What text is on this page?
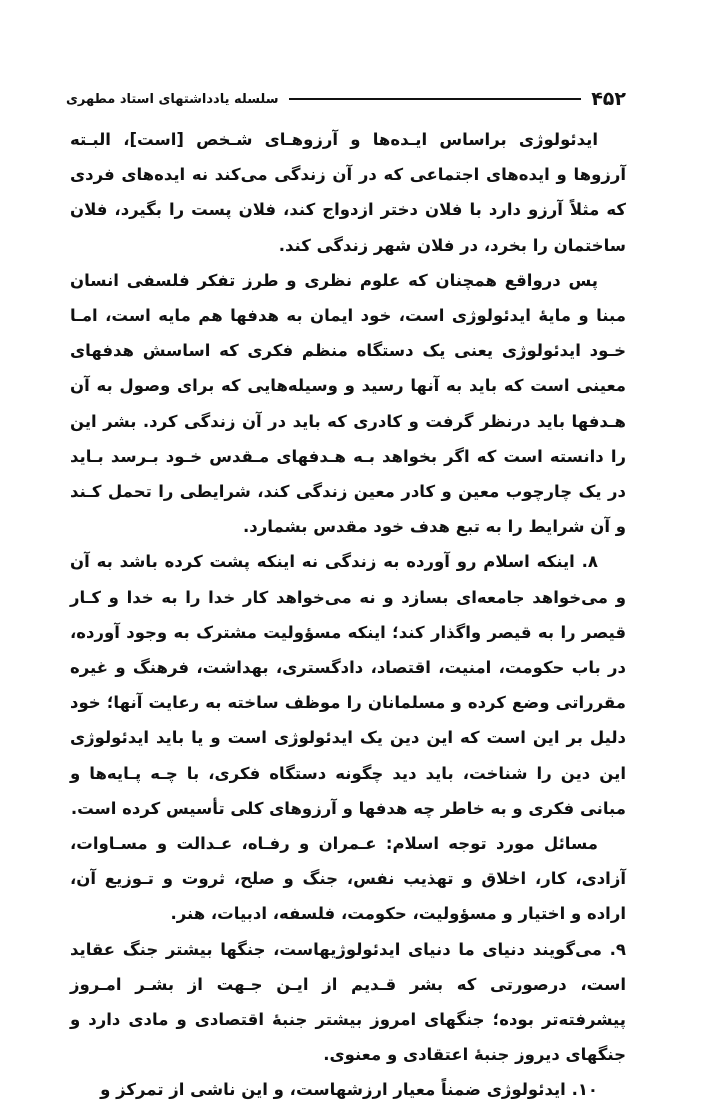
۴۵۲
سلسله یادداشتهای استاد مطهری

ایدئولوژی براساس ایـده‌ها و آرزوهـای شـخص [است]، البـته آرزوها و ایده‌های اجتماعی که در آن زندگی می‌کند نه ایده‌های فردی که مثلاً آرزو دارد با فلان دختر ازدواج کند، فلان پست را بگیرد، فلان ساختمان را بخرد، در فلان شهر زندگی کند.

پس درواقع همچنان که علوم نظری و طرز تفکر فلسفی انسان مبنا و مایۀ ایدئولوژی است، خود ایمان به هدفها هم مایه است، امـا خـود ایدئولوژی یعنی یک دستگاه منظم فکری که اساسش هدفهای معینی است که باید به آنها رسید و وسیله‌هایی که برای وصول به آن هـدفها باید درنظر گرفت و کادری که باید در آن زندگی کرد. بشر این را دانسته است که اگر بخواهد بـه هـدفهای مـقدس خـود بـرسد بـاید در یک چارچوب معین و کادر معین زندگی کند، شرایطی را تحمل کـند و آن شرایط را به تبع هدف خود مقدس بشمارد.

۸. اینکه اسلام رو آورده به زندگی نه اینکه پشت کرده باشد به آن و می‌خواهد جامعه‌ای بسازد و نه می‌خواهد کار خدا را به خدا و کـار قیصر را به قیصر واگذار کند؛ اینکه مسؤولیت مشترک به وجود آورده، در باب حکومت، امنیت، اقتصاد، دادگستری، بهداشت، فرهنگ و غیره مقرراتی وضع کرده و مسلمانان را موظف ساخته به رعایت آنها؛ خود دلیل بر این است که این دین یک ایدئولوژی است و یا باید ایدئولوژی این دین را شناخت، باید دید چگونه دستگاه فکری، با چـه پـایه‌ها و مبانی فکری و به خاطر چه هدفها و آرزوهای کلی تأسیس کرده است.

مسائل مورد توجه اسلام: عـمران و رفـاه، عـدالت و مسـاوات، آزادی، کار، اخلاق و تهذیب نفس، جنگ و صلح، ثروت و تـوزیع آن، اراده و اختیار و مسؤولیت، حکومت، فلسفه، ادبیات، هنر.

۹. می‌گویند دنیای ما دنیای ایدئولوژیهاست، جنگها بیشتر جنگ عقاید است، درصورتی که بشر قـدیم از ایـن جـهت از بشـر امـروز پیشرفته‌تر بوده؛ جنگهای امروز بیشتر جنبۀ اقتصادی و مادی دارد و جنگهای دیروز جنبۀ اعتقادی و معنوی.

۱۰. ایدئولوژی ضمناً معیار ارزشهاست، و این ناشی از تمرکز و
